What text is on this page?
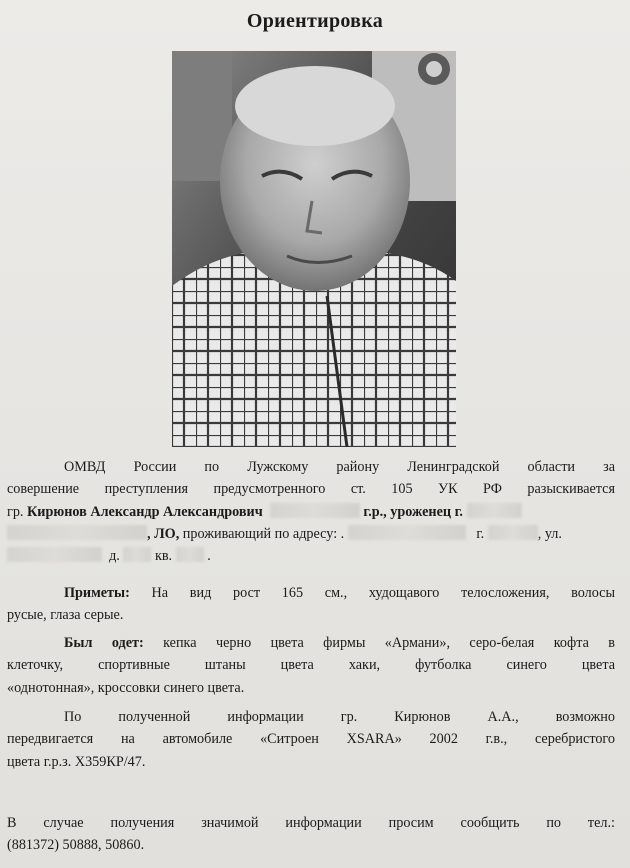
Ориентировка
ОМВД России по Лужскому району Ленинградской области за
совершение преступления предусмотренного ст. 105 УК РФ разыскивается
гр. Кирюнов Александр Александрович	г.р., уроженец г.
, ЛО, проживающий по адресу: .	г.	, ул.
д. кв. .
Приметы: На вид рост 165 см., худощавого телосложения, волосы
русые, глаза серые.
Был одет: кепка черно цвета фирмы «Армани», серо-белая кофта в
клеточку, спортивные штаны цвета хаки, футболка синего цвета
«однотонная», кроссовки синего цвета.
По полученной информации гр. Кирюнов А.А., возможно
передвигается на автомобиле «Ситроен XSARA» 2002 г.в., серебристого
цвета г.р.з. Х359КР/47.
В случае получения значимой информации просим сообщить по тел.:
(881372) 50888, 50860.
